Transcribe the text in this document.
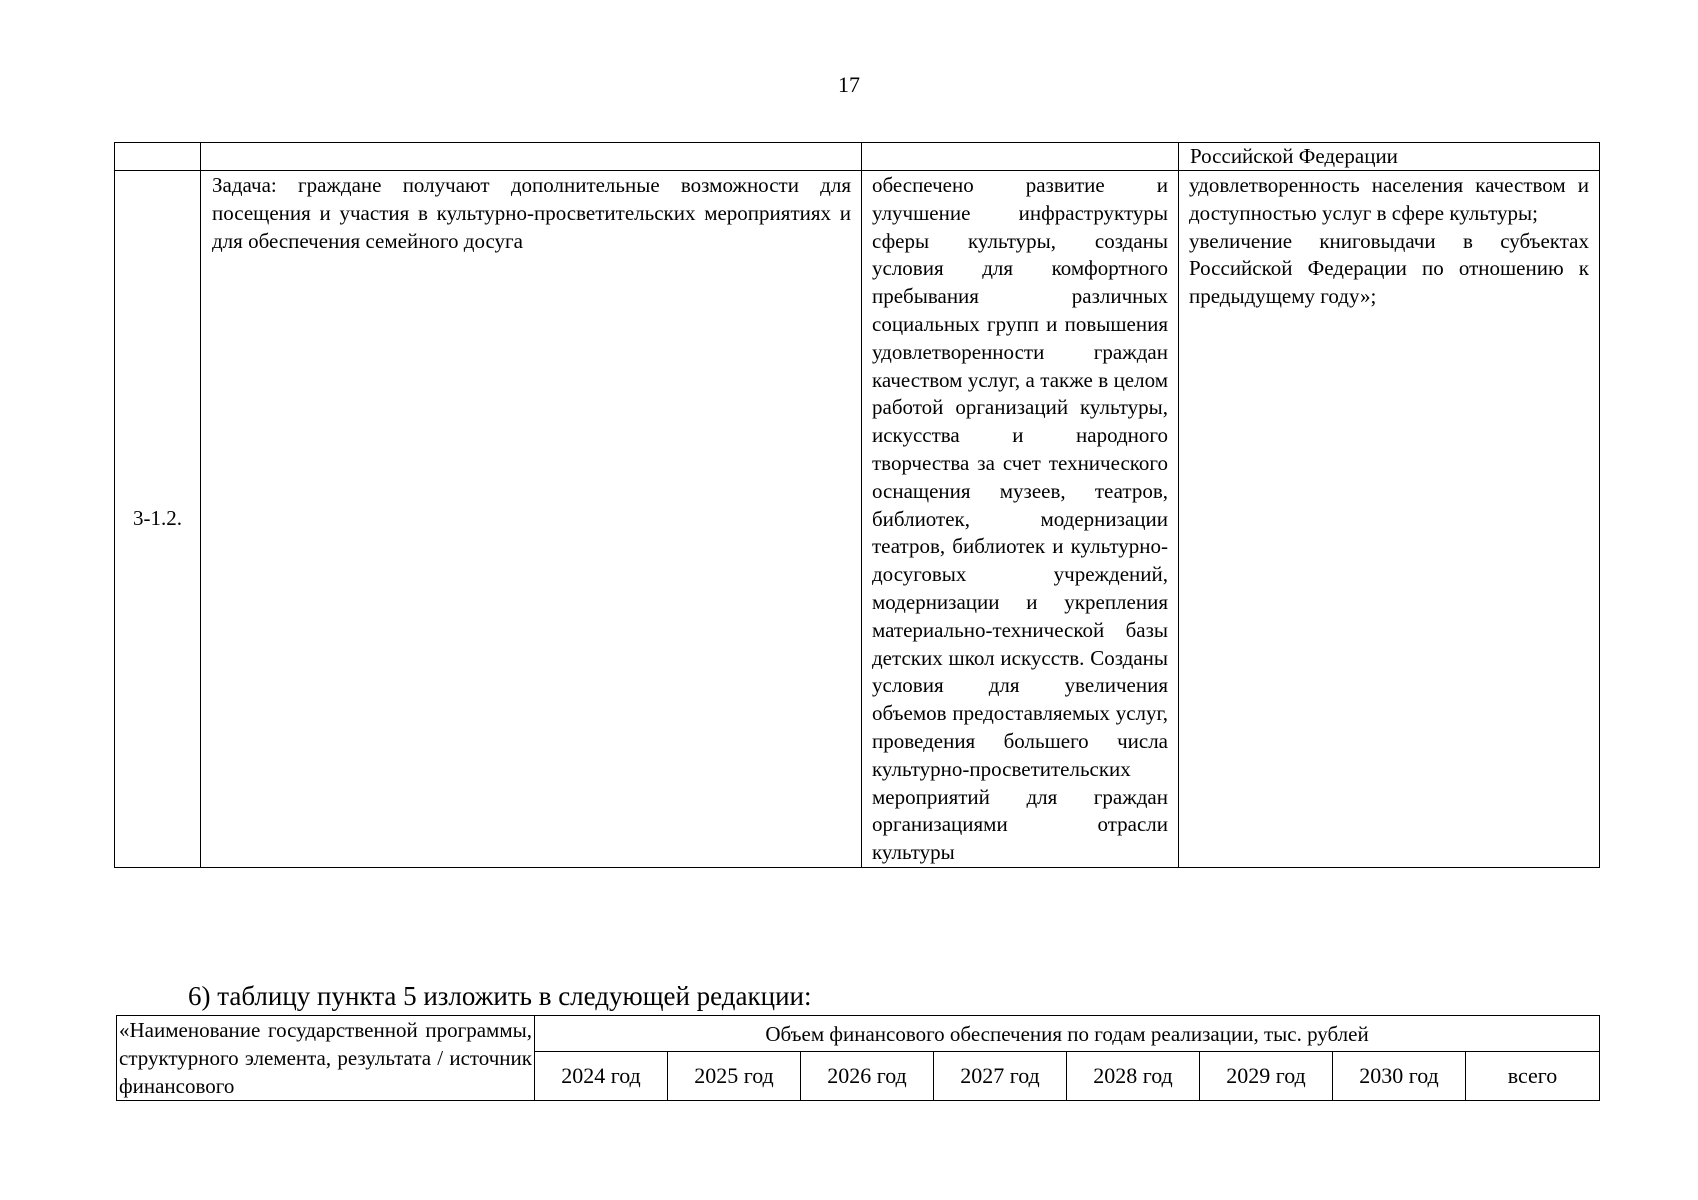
17
			Российской Федерации
3-1.2.	Задача: граждане получают дополнительные возможности для посещения и участия в культурно-просветительских мероприятиях и для обеспечения семейного досуга	обеспечено развитие и улучшение инфраструктуры сферы культуры, созданы условия для комфортного пребывания различных социальных групп и повышения удовлетворенности граждан качеством услуг, а также в целом работой организаций культуры, искусства и народного творчества за счет технического оснащения музеев, театров, библиотек, модернизации театров, библиотек и культурно-досуговых учреждений, модернизации и укрепления материально-технической базы детских школ искусств. Созданы условия для увеличения объемов предоставляемых услуг, проведения большего числа культурно-просветительских мероприятий для граждан организациями отрасли культуры	удовлетворенность населения качеством и доступностью услуг в сфере культуры;
увеличение книговыдачи в субъектах Российской Федерации по отношению к предыдущему году»;
6) таблицу пункта 5 изложить в следующей редакции:
«Наименование государственной программы, структурного элемента, результата / источник финансового	Объем финансового обеспечения по годам реализации, тыс. рублей							
	2024 год	2025 год	2026 год	2027 год	2028 год	2029 год	2030 год	всего
